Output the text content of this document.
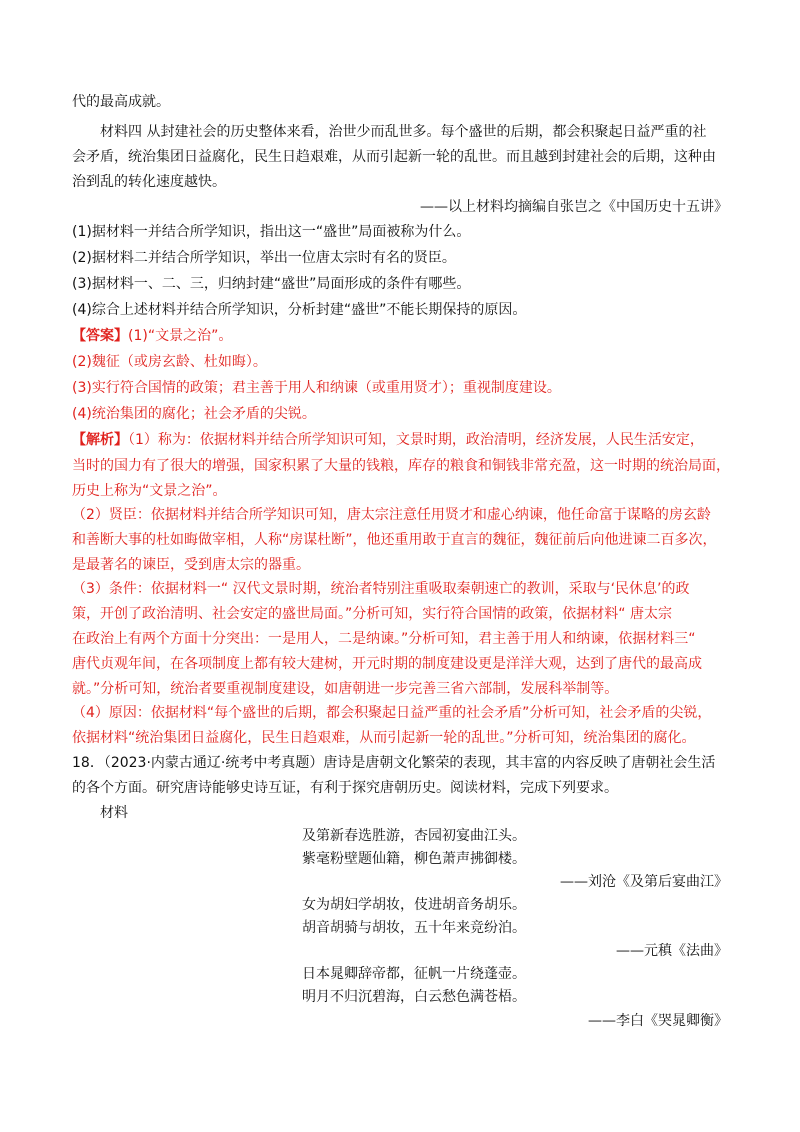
代的最高成就。
材料四 从封建社会的历史整体来看，治世少而乱世多。每个盛世的后期，都会积聚起日益严重的社
会矛盾，统治集团日益腐化，民生日趋艰难，从而引起新一轮的乱世。而且越到封建社会的后期，这种由
治到乱的转化速度越快。
——以上材料均摘编自张岂之《中国历史十五讲》
(1)据材料一并结合所学知识，指出这一“盛世”局面被称为什么。
(2)据材料二并结合所学知识，举出一位唐太宗时有名的贤臣。
(3)据材料一、二、三，归纳封建“盛世”局面形成的条件有哪些。
(4)综合上述材料并结合所学知识，分析封建“盛世”不能长期保持的原因。
【答案】(1)“文景之治”。
(2)魏征（或房玄龄、杜如晦）。
(3)实行符合国情的政策；君主善于用人和纳谏（或重用贤才）；重视制度建设。
(4)统治集团的腐化；社会矛盾的尖锐。
【解析】（1）称为：依据材料并结合所学知识可知，文景时期，政治清明，经济发展，人民生活安定，
当时的国力有了很大的增强，国家积累了大量的钱粮，库存的粮食和铜钱非常充盈，这一时期的统治局面，
历史上称为“文景之治”。
（2）贤臣：依据材料并结合所学知识可知，唐太宗注意任用贤才和虚心纳谏，他任命富于谋略的房玄龄
和善断大事的杜如晦做宰相，人称“房谋杜断”，他还重用敢于直言的魏征，魏征前后向他进谏二百多次，
是最著名的谏臣，受到唐太宗的器重。
（3）条件：依据材料一“ 汉代文景时期，统治者特别注重吸取秦朝速亡的教训，采取与‘民休息’的政
策，开创了政治清明、社会安定的盛世局面。”分析可知，实行符合国情的政策，依据材料“ 唐太宗
在政治上有两个方面十分突出：一是用人，二是纳谏。”分析可知，君主善于用人和纳谏，依据材料三“
唐代贞观年间，在各项制度上都有较大建树，开元时期的制度建设更是洋洋大观，达到了唐代的最高成
就。”分析可知，统治者要重视制度建设，如唐朝进一步完善三省六部制，发展科举制等。
（4）原因：依据材料“每个盛世的后期，都会积聚起日益严重的社会矛盾”分析可知，社会矛盾的尖锐，
依据材料“统治集团日益腐化，民生日趋艰难，从而引起新一轮的乱世。”分析可知，统治集团的腐化。
18．（2023·内蒙古通辽·统考中考真题）唐诗是唐朝文化繁荣的表现，其丰富的内容反映了唐朝社会生活
的各个方面。研究唐诗能够史诗互证，有利于探究唐朝历史。阅读材料，完成下列要求。
材料
及第新春选胜游，杏园初宴曲江头。
紫毫粉壁题仙籍，柳色萧声拂御楼。
——刘沧《及第后宴曲江》
女为胡妇学胡妆，伎进胡音务胡乐。
胡音胡骑与胡妆，五十年来竞纷泊。
——元稹《法曲》
日本晁卿辞帝都，征帆一片绕蓬壶。
明月不归沉碧海，白云愁色满苍梧。
——李白《哭晁卿衡》
